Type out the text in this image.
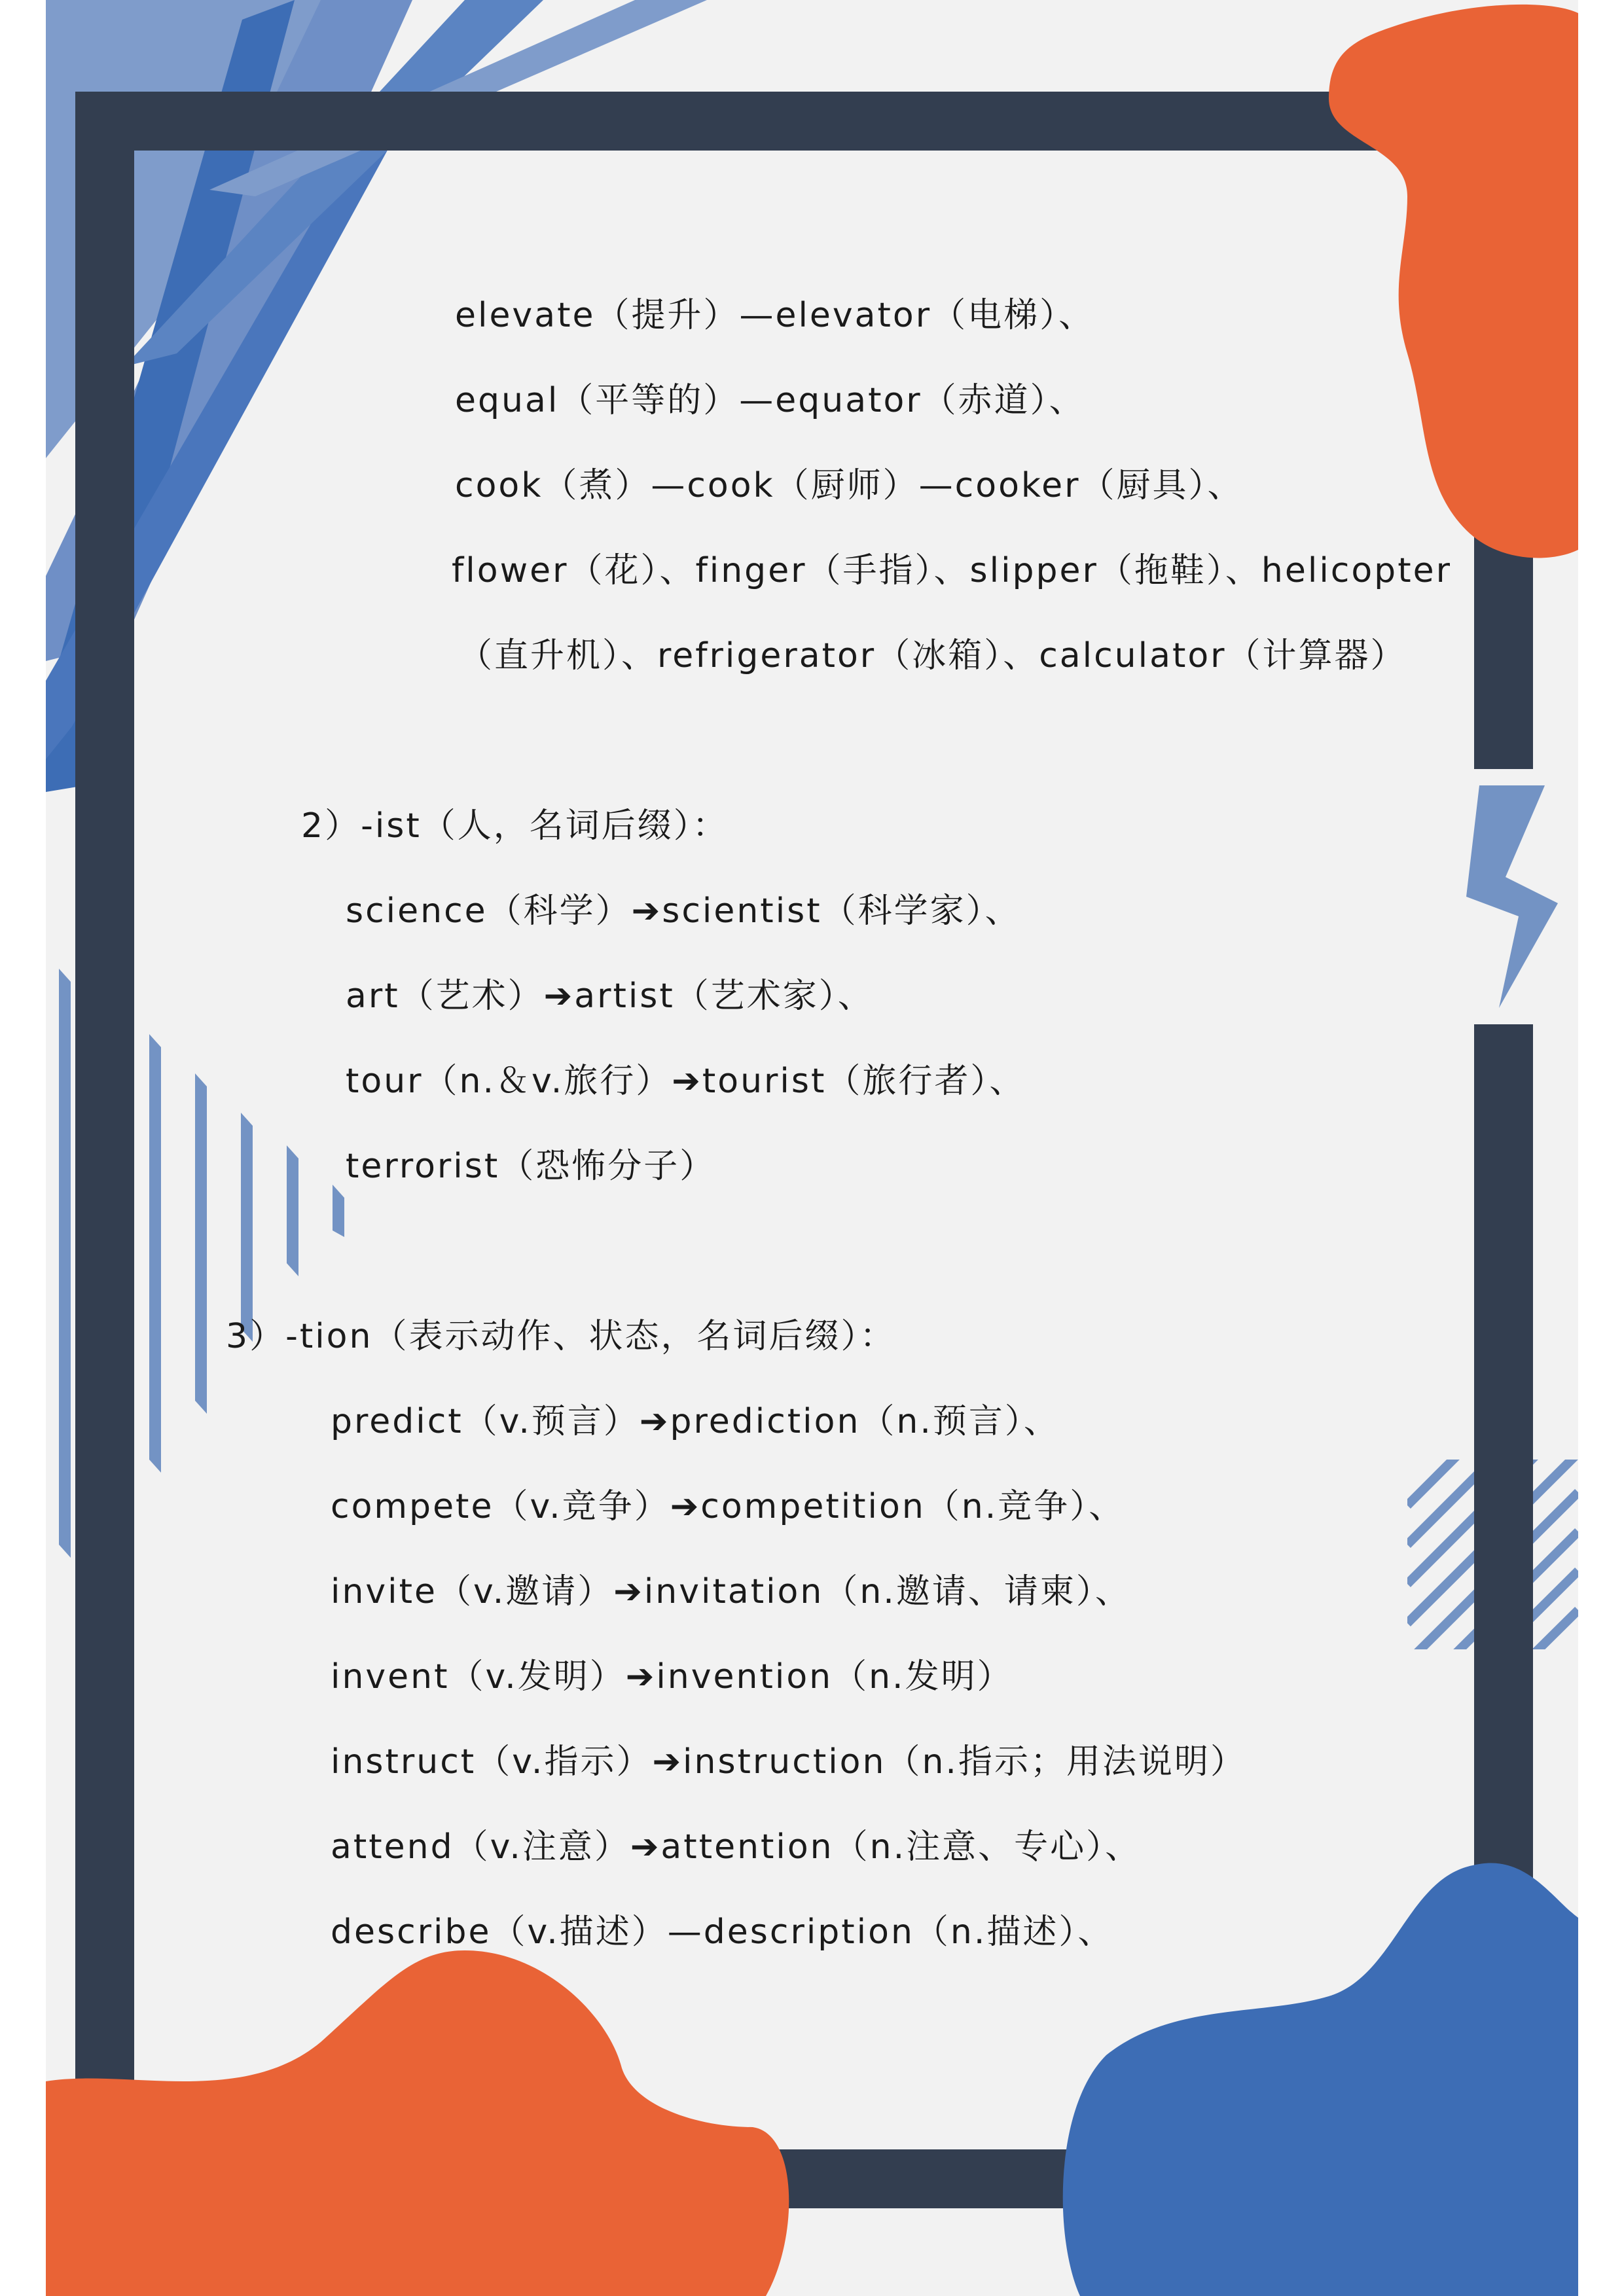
elevate（提升）—elevator（电梯）、
equal（平等的）—equator（赤道）、
cook（煮）—cook（厨师）—cooker（厨具）、
flower（花）、finger（手指）、slipper（拖鞋）、helicopter
（直升机）、refrigerator（冰箱）、calculator（计算器）
2）-ist（人，名词后缀）：
science（科学）➔scientist（科学家）、
art（艺术）➔artist（艺术家）、
tour（n.＆v.旅行）➔tourist（旅行者）、
terrorist（恐怖分子）
3）-tion（表示动作、状态，名词后缀）：
predict（v.预言）➔prediction（n.预言）、
compete（v.竞争）➔competition（n.竞争）、
invite（v.邀请）➔invitation（n.邀请、请柬）、
invent（v.发明）➔invention（n.发明）
instruct（v.指示）➔instruction（n.指示；用法说明）
attend（v.注意）➔attention（n.注意、专心）、
describe（v.描述）—description（n.描述）、
